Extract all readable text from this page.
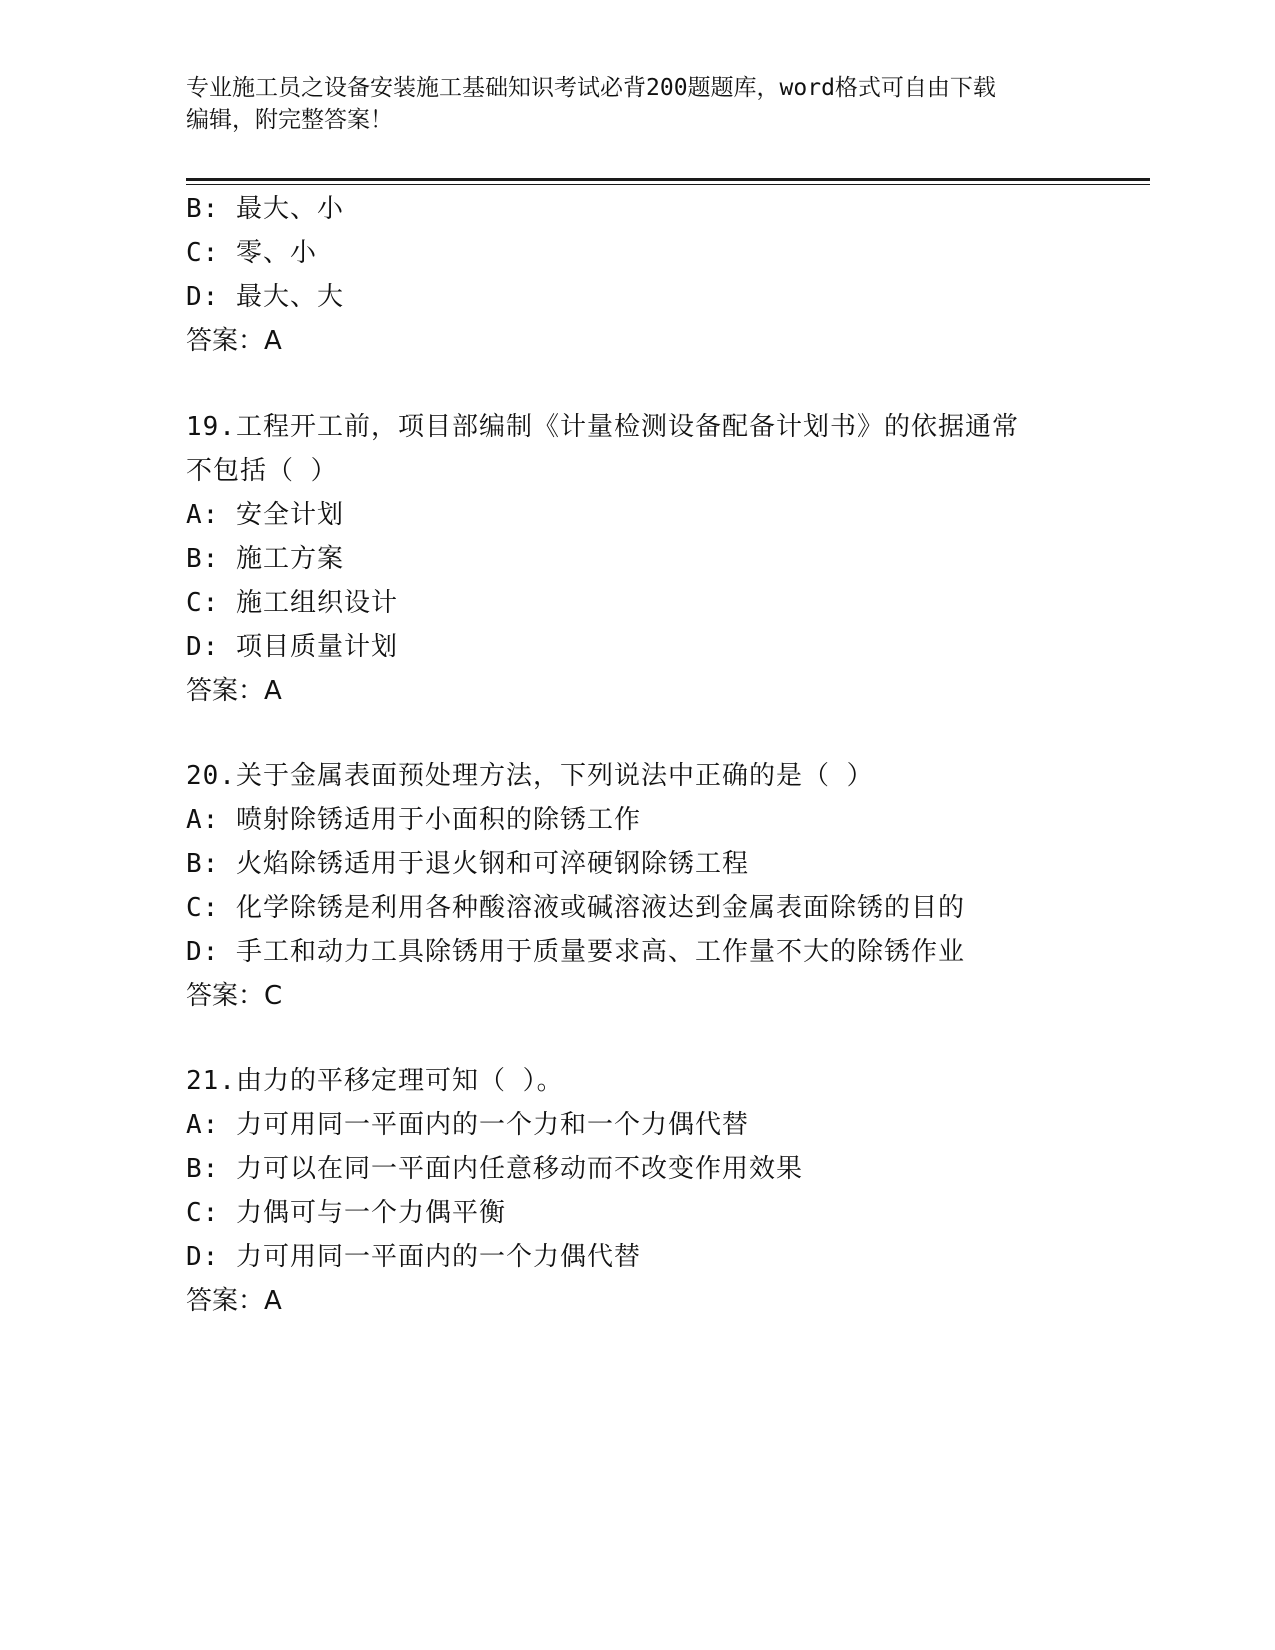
专业施工员之设备安装施工基础知识考试必背200题题库，word格式可自由下载
编辑，附完整答案！
B: 最大、小
C: 零、小
D: 最大、大
答案：A
19.工程开工前，项目部编制《计量检测设备配备计划书》的依据通常
不包括（ ）
A: 安全计划
B: 施工方案
C: 施工组织设计
D: 项目质量计划
答案：A
20.关于金属表面预处理方法，下列说法中正确的是（ ）
A: 喷射除锈适用于小面积的除锈工作
B: 火焰除锈适用于退火钢和可淬硬钢除锈工程
C: 化学除锈是利用各种酸溶液或碱溶液达到金属表面除锈的目的
D: 手工和动力工具除锈用于质量要求高、工作量不大的除锈作业
答案：C
21.由力的平移定理可知（ ）。
A: 力可用同一平面内的一个力和一个力偶代替
B: 力可以在同一平面内任意移动而不改变作用效果
C: 力偶可与一个力偶平衡
D: 力可用同一平面内的一个力偶代替
答案：A
